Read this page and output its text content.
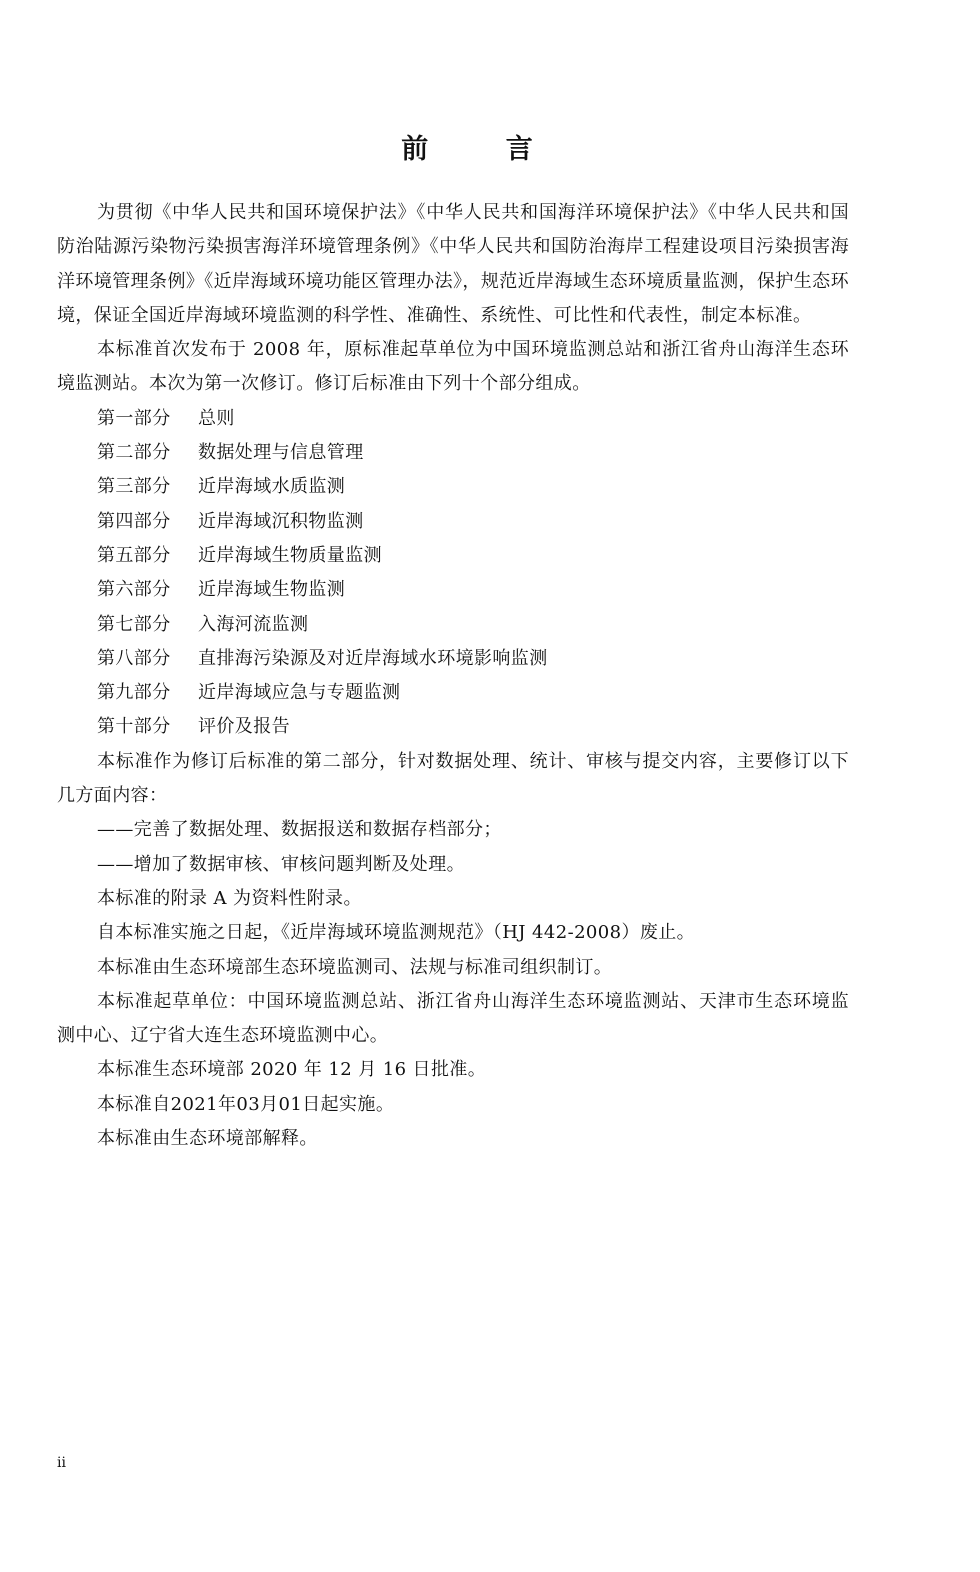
前 言

为贯彻《中华人民共和国环境保护法》《中华人民共和国海洋环境保护法》《中华人民共和国防治陆源污染物污染损害海洋环境管理条例》《中华人民共和国防治海岸工程建设项目污染损害海洋环境管理条例》《近岸海域环境功能区管理办法》，规范近岸海域生态环境质量监测，保护生态环境，保证全国近岸海域环境监测的科学性、准确性、系统性、可比性和代表性，制定本标准。

本标准首次发布于 2008 年，原标准起草单位为中国环境监测总站和浙江省舟山海洋生态环境监测站。本次为第一次修订。修订后标准由下列十个部分组成。

第一部分	总则
第二部分	数据处理与信息管理
第三部分	近岸海域水质监测
第四部分	近岸海域沉积物监测
第五部分	近岸海域生物质量监测
第六部分	近岸海域生物监测
第七部分	入海河流监测
第八部分	直排海污染源及对近岸海域水环境影响监测
第九部分	近岸海域应急与专题监测
第十部分	评价及报告

本标准作为修订后标准的第二部分，针对数据处理、统计、审核与提交内容，主要修订以下几方面内容：

——完善了数据处理、数据报送和数据存档部分；
——增加了数据审核、审核问题判断及处理。

本标准的附录 A 为资料性附录。

自本标准实施之日起，《近岸海域环境监测规范》（HJ 442-2008）废止。

本标准由生态环境部生态环境监测司、法规与标准司组织制订。

本标准起草单位：中国环境监测总站、浙江省舟山海洋生态环境监测站、天津市生态环境监测中心、辽宁省大连生态环境监测中心。

本标准生态环境部 2020 年 12 月 16 日批准。

本标准自2021年03月01日起实施。

本标准由生态环境部解释。

ii
